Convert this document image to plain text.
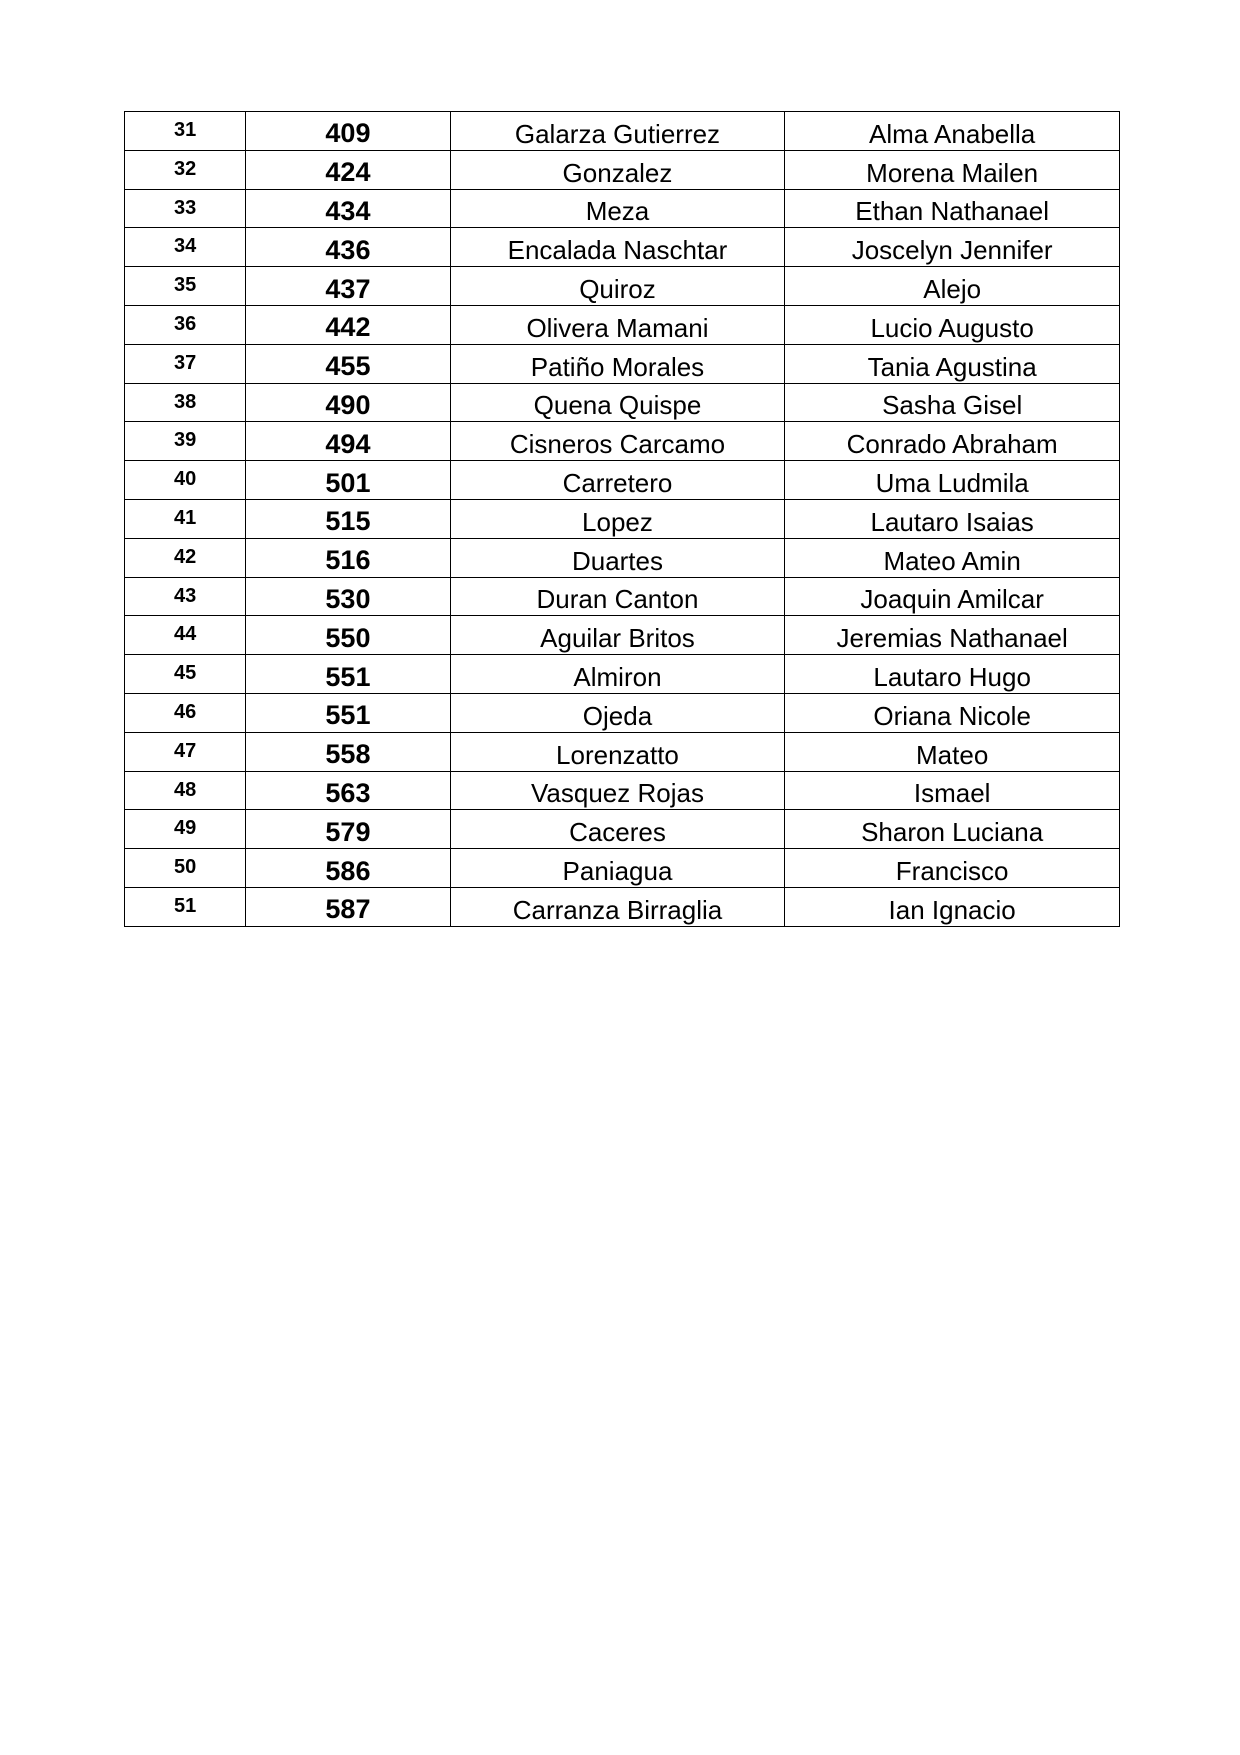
31	409	Galarza Gutierrez	Alma Anabella
32	424	Gonzalez	Morena Mailen
33	434	Meza	Ethan Nathanael
34	436	Encalada Naschtar	Joscelyn Jennifer
35	437	Quiroz	Alejo
36	442	Olivera Mamani	Lucio Augusto
37	455	Patiño Morales	Tania Agustina
38	490	Quena Quispe	Sasha Gisel
39	494	Cisneros Carcamo	Conrado Abraham
40	501	Carretero	Uma Ludmila
41	515	Lopez	Lautaro Isaias
42	516	Duartes	Mateo Amin
43	530	Duran Canton	Joaquin Amilcar
44	550	Aguilar Britos	Jeremias Nathanael
45	551	Almiron	Lautaro Hugo
46	551	Ojeda	Oriana Nicole
47	558	Lorenzatto	Mateo
48	563	Vasquez Rojas	Ismael
49	579	Caceres	Sharon Luciana
50	586	Paniagua	Francisco
51	587	Carranza Birraglia	Ian Ignacio
